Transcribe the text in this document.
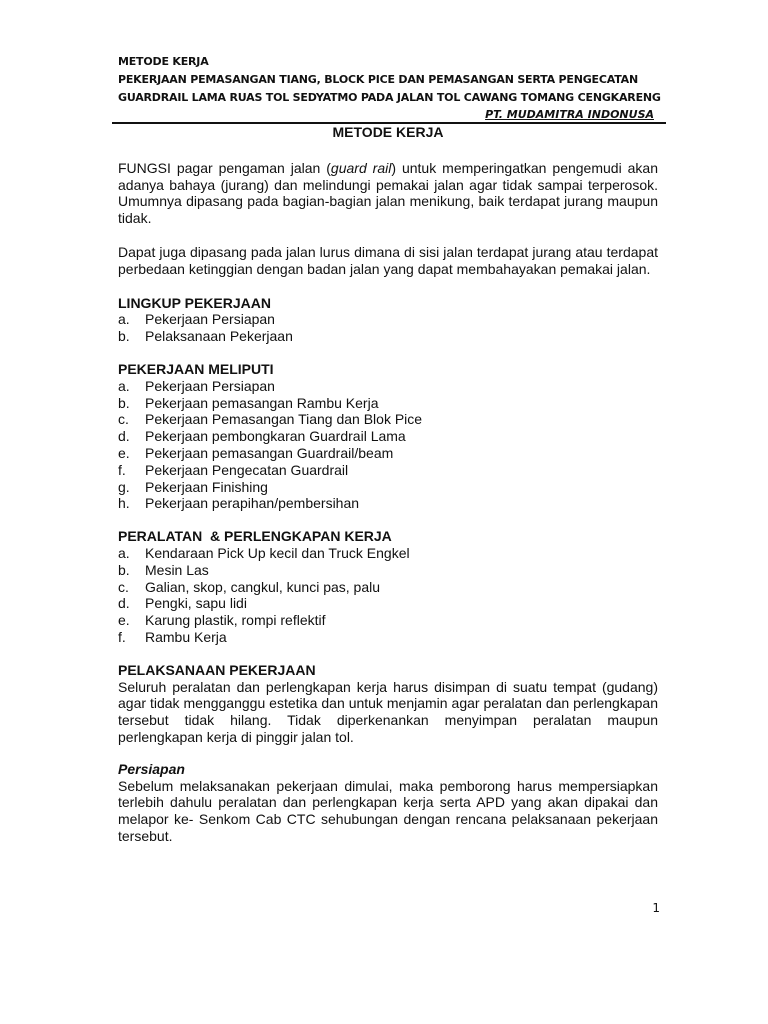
METODE KERJA
PEKERJAAN PEMASANGAN TIANG, BLOCK PICE DAN PEMASANGAN SERTA PENGECATAN
GUARDRAIL LAMA RUAS TOL SEDYATMO PADA JALAN TOL CAWANG TOMANG CENGKARENG
PT. MUDAMITRA INDONUSA
METODE KERJA

FUNGSI pagar pengaman jalan (guard rail) untuk memperingatkan pengemudi akan adanya bahaya (jurang) dan melindungi pemakai jalan agar tidak sampai terperosok. Umumnya dipasang pada bagian-bagian jalan menikung, baik terdapat jurang maupun tidak.

Dapat juga dipasang pada jalan lurus dimana di sisi jalan terdapat jurang atau terdapat perbedaan ketinggian dengan badan jalan yang dapat membahayakan pemakai jalan.

LINGKUP PEKERJAAN

a. Pekerjaan Persiapan
b. Pelaksanaan Pekerjaan

PEKERJAAN MELIPUTI

a. Pekerjaan Persiapan
b. Pekerjaan pemasangan Rambu Kerja
c. Pekerjaan Pemasangan Tiang dan Blok Pice
d. Pekerjaan pembongkaran Guardrail Lama
e. Pekerjaan pemasangan Guardrail/beam
f. Pekerjaan Pengecatan Guardrail
g. Pekerjaan Finishing
h. Pekerjaan perapihan/pembersihan

PERALATAN  & PERLENGKAPAN KERJA

a. Kendaraan Pick Up kecil dan Truck Engkel
b. Mesin Las
c. Galian, skop, cangkul, kunci pas, palu
d. Pengki, sapu lidi
e. Karung plastik, rompi reflektif
f. Rambu Kerja

PELAKSANAAN PEKERJAAN

Seluruh peralatan dan perlengkapan kerja harus disimpan di suatu tempat (gudang) agar tidak mengganggu estetika dan untuk menjamin agar peralatan dan perlengkapan tersebut tidak hilang. Tidak diperkenankan menyimpan peralatan maupun perlengkapan kerja di pinggir jalan tol.

Persiapan

Sebelum melaksanakan pekerjaan dimulai, maka pemborong harus mempersiapkan terlebih dahulu peralatan dan perlengkapan kerja serta APD yang akan dipakai dan melapor ke- Senkom Cab CTC sehubungan dengan rencana pelaksanaan pekerjaan tersebut.

1
